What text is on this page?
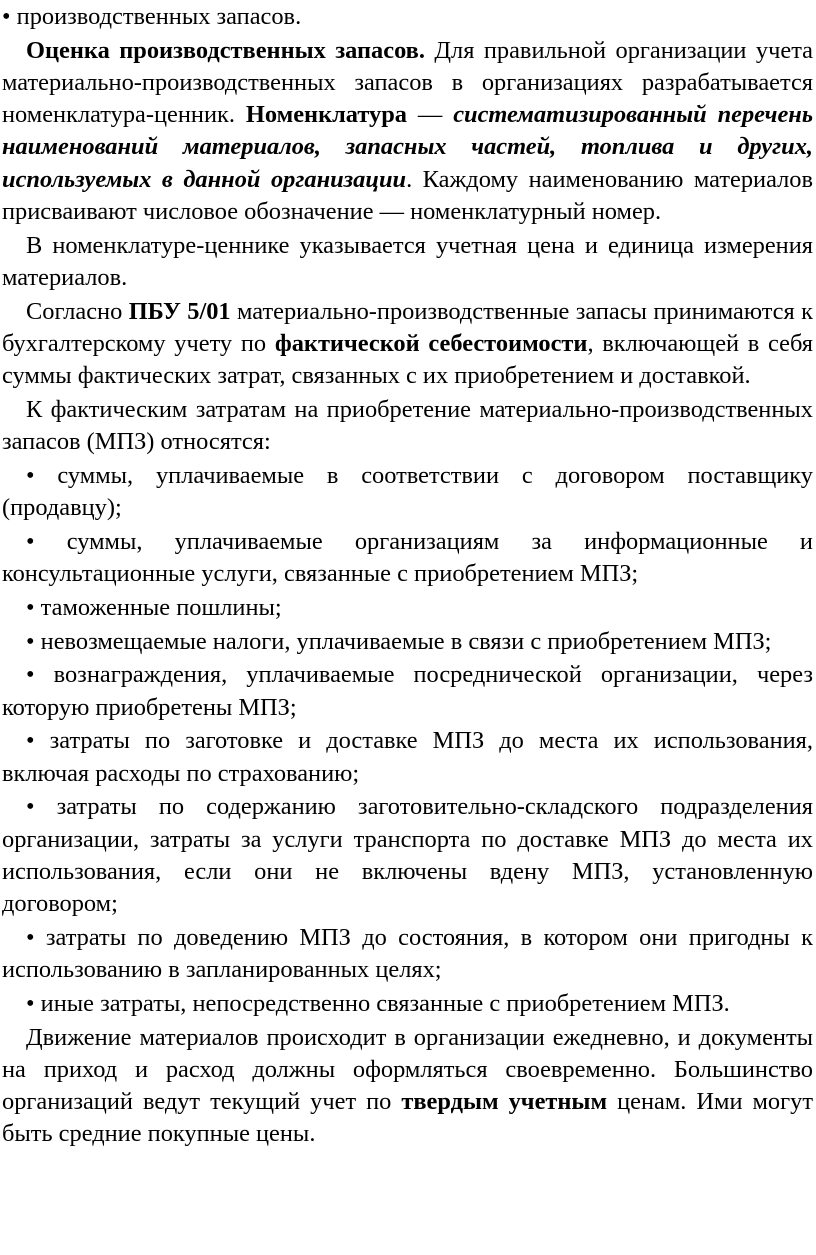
• производственных запасов.

Оценка производственных запасов. Для правильной организации учета материально-производственных запасов в организациях разрабатывается номенклатура-ценник. Номенклатура — систематизированный перечень наименований материалов, запасных частей, топлива и других, используемых в данной организации. Каждому наименованию материалов присваивают числовое обозначение — номенклатурный номер.

В номенклатуре-ценнике указывается учетная цена и единица измерения материалов.

Согласно ПБУ 5/01 материально-производственные запасы принимаются к бухгалтерскому учету по фактической себестоимости, включающей в себя суммы фактических затрат, связанных с их приобретением и доставкой.

К фактическим затратам на приобретение материально-производственных запасов (МПЗ) относятся:

• суммы, уплачиваемые в соответствии с договором поставщику (продавцу);

• суммы, уплачиваемые организациям за информационные и консультационные услуги, связанные с приобретением МПЗ;

• таможенные пошлины;

• невозмещаемые налоги, уплачиваемые в связи с приобретением МПЗ;

• вознаграждения, уплачиваемые посреднической организации, через которую приобретены МПЗ;

• затраты по заготовке и доставке МПЗ до места их использования, включая расходы по страхованию;

• затраты по содержанию заготовительно-складского подразделения организации, затраты за услуги транспорта по доставке МПЗ до места их использования, если они не включены вдену МПЗ, установленную договором;

• затраты по доведению МПЗ до состояния, в котором они пригодны к использованию в запланированных целях;

• иные затраты, непосредственно связанные с приобретением МПЗ.

Движение материалов происходит в организации ежедневно, и документы на приход и расход должны оформляться своевременно. Большинство организаций ведут текущий учет по твердым учетным ценам. Ими могут быть средние покупные цены.
